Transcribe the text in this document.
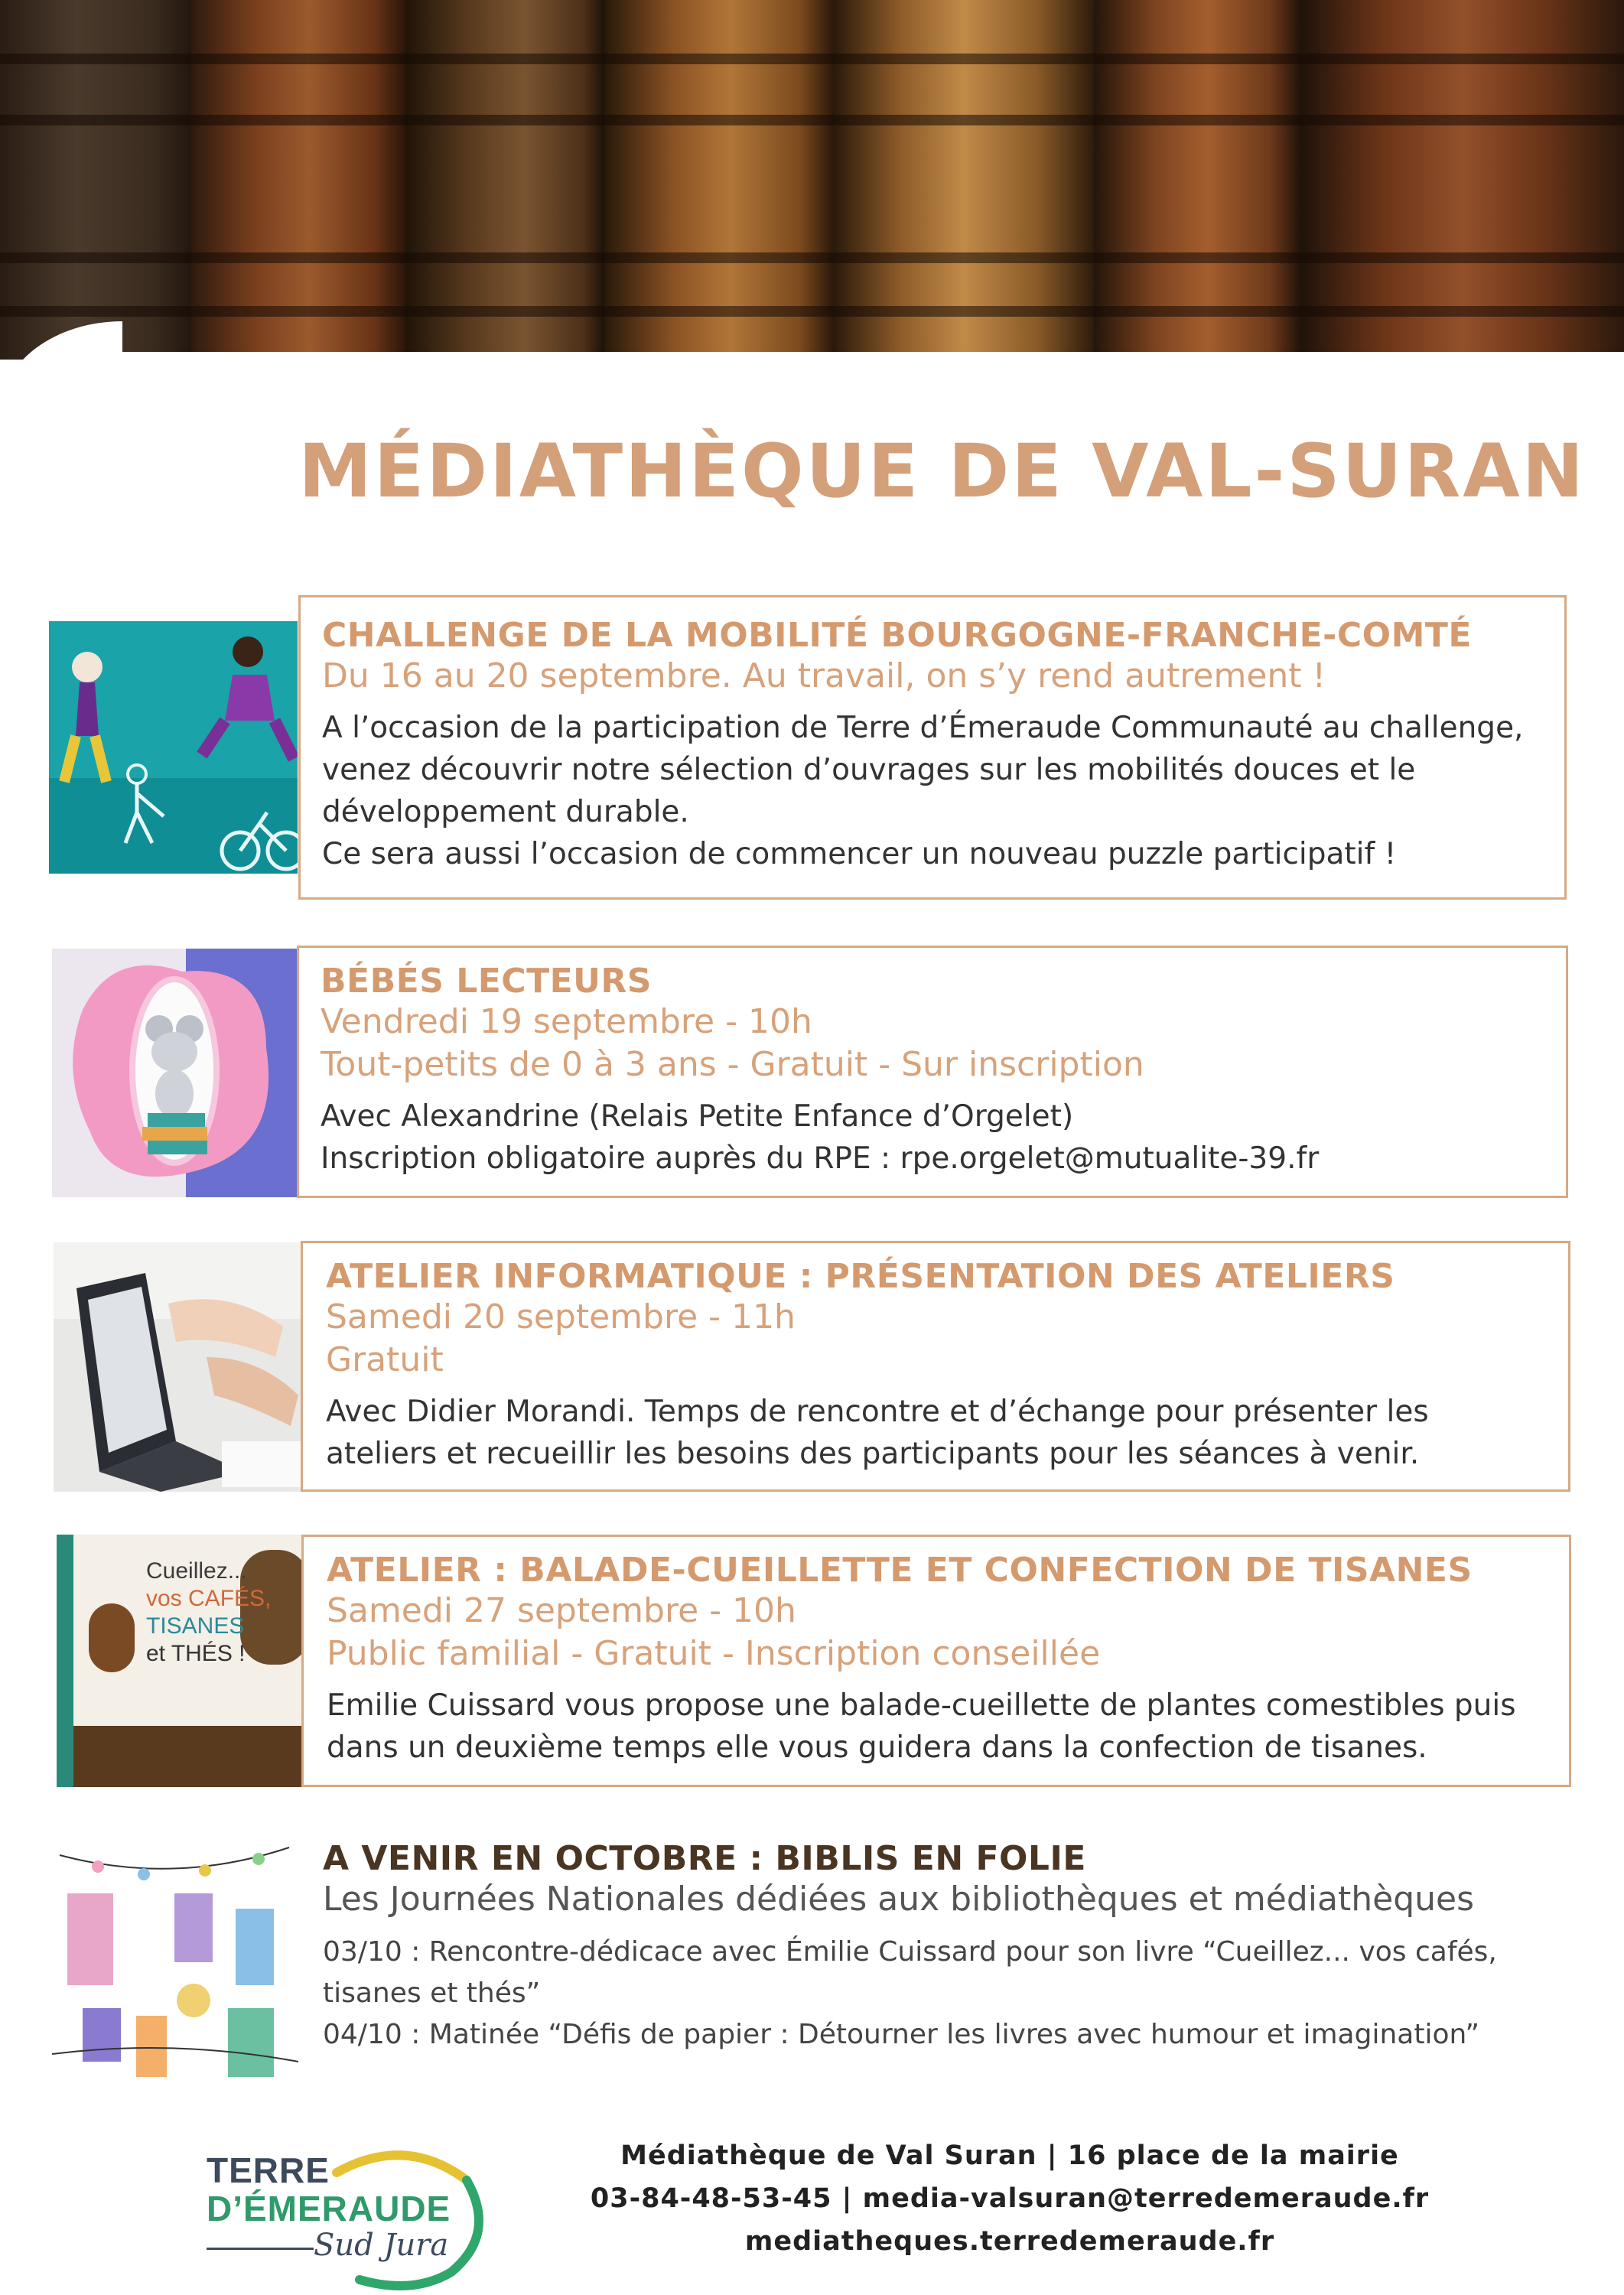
MÉDIATHÈQUE DE VAL-SURAN
CHALLENGE DE LA MOBILITÉ BOURGOGNE-FRANCHE-COMTÉ
Du 16 au 20 septembre. Au travail, on s’y rend autrement !
A l’occasion de la participation de Terre d’Émeraude Communauté au challenge,
venez découvrir notre sélection d’ouvrages sur les mobilités douces et le
développement durable.
Ce sera aussi l’occasion de commencer un nouveau puzzle participatif !
BÉBÉS LECTEURS
Vendredi 19 septembre - 10h
Tout-petits de 0 à 3 ans - Gratuit - Sur inscription
Avec Alexandrine (Relais Petite Enfance d’Orgelet)
Inscription obligatoire auprès du RPE : rpe.orgelet@mutualite-39.fr
ATELIER INFORMATIQUE : PRÉSENTATION DES ATELIERS
Samedi 20 septembre - 11h
Gratuit
Avec Didier Morandi. Temps de rencontre et d’échange pour présenter les
ateliers et recueillir les besoins des participants pour les séances à venir.
Cueillez...
vos CAFÉS,
TISANES
et THÉS !
ATELIER : BALADE-CUEILLETTE ET CONFECTION DE TISANES
Samedi 27 septembre - 10h
Public familial - Gratuit - Inscription conseillée
Emilie Cuissard vous propose une balade-cueillette de plantes comestibles puis
dans un deuxième temps elle vous guidera dans la confection de tisanes.
A VENIR EN OCTOBRE : BIBLIS EN FOLIE
Les Journées Nationales dédiées aux bibliothèques et médiathèques
03/10 : Rencontre-dédicace avec Émilie Cuissard pour son livre “Cueillez... vos cafés,
tisanes et thés”
04/10 : Matinée “Défis de papier : Détourner les livres avec humour et imagination”
TERRE
D’ÉMERAUDE
Sud Jura
Médiathèque de Val Suran | 16 place de la mairie
03-84-48-53-45 | media-valsuran@terredemeraude.fr
mediatheques.terredemeraude.fr
